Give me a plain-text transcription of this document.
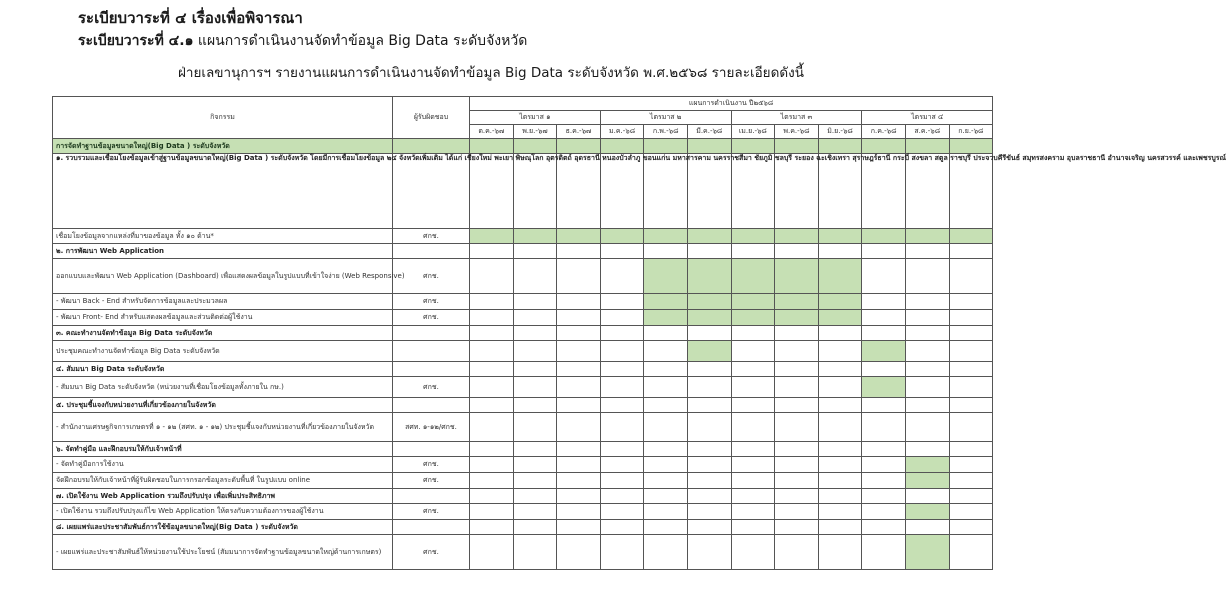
ระเบียบวาระที่ ๔ เรื่องเพื่อพิจารณา
ระเบียบวาระที่ ๔.๑ แผนการดำเนินงานจัดทำข้อมูล Big Data ระดับจังหวัด
ฝ่ายเลขานุการฯ รายงานแผนการดำเนินงานจัดทำข้อมูล Big Data ระดับจังหวัด พ.ศ.๒๕๖๘ รายละเอียดดังนี้
กิจกรรม	ผู้รับผิดชอบ	แผนการดำเนินงาน ปี๒๕๖๘											
		ไตรมาส ๑			ไตรมาส ๒			ไตรมาส ๓			ไตรมาส ๔		
		ต.ค.-๖๗	พ.ย.-๖๗	ธ.ค.-๖๗	ม.ค.-๖๘	ก.พ.-๖๘	มี.ค.-๖๘	เม.ย.-๖๘	พ.ค.-๖๘	มิ.ย.-๖๘	ก.ค.-๖๘	ส.ค.-๖๘	ก.ย.-๖๘
การจัดทำฐานข้อมูลขนาดใหญ่(Big Data ) ระดับจังหวัด													
๑. รวบรวมและเชื่อมโยงข้อมูลเข้าสู่ฐานข้อมูลขนาดใหญ่(Big Data ) ระดับจังหวัด โดยมีการเชื่อมโยงข้อมูล ๒๔ จังหวัดเพิ่มเติม ได้แก่ เชียงใหม่ พะเยา พิษณุโลก อุตรดิตถ์ อุดรธานี หนองบัวลำภู ขอนแก่น มหาสารคาม นครราชสีมา ชัยภูมิ ชลบุรี ระยอง ฉะเชิงเทรา สุราษฎร์ธานี กระบี่ สงขลา สตูล ราชบุรี ประจวบคีรีขันธ์ สมุทรสงคราม อุบลราชธานี อำนาจเจริญ นครสวรรค์ และเพชรบูรณ์													
เชื่อมโยงข้อมูลจากแหล่งที่มาของข้อมูล ทั้ง ๑๐ ด้าน*	ศกช.												
๒. การพัฒนา Web Application													
ออกแบบและพัฒนา Web Application (Dashboard) เพื่อแสดงผลข้อมูลในรูปแบบที่เข้าใจง่าย (Web Responsive)	ศกช.												
- พัฒนา Back - End สำหรับจัดการข้อมูลและประมวลผล	ศกช.												
- พัฒนา Front- End สำหรับแสดงผลข้อมูลและส่วนติดต่อผู้ใช้งาน	ศกช.												
๓. คณะทำงานจัดทำข้อมูล Big Data ระดับจังหวัด													
ประชุมคณะทำงานจัดทำข้อมูล Big Data ระดับจังหวัด													
๔. สัมมนา Big Data ระดับจังหวัด													
- สัมมนา Big Data ระดับจังหวัด (หน่วยงานที่เชื่อมโยงข้อมูลทั้งภายใน กษ.)	ศกช.												
๕. ประชุมชี้แจงกับหน่วยงานที่เกี่ยวข้องภายในจังหวัด													
- สำนักงานเศรษฐกิจการเกษตรที่ ๑ - ๑๒ (สศท. ๑ - ๑๒) ประชุมชี้แจงกับหน่วยงานที่เกี่ยวข้องภายในจังหวัด	สศท. ๑-๑๒/ศกช.												
๖. จัดทำคู่มือ และฝึกอบรมให้กับเจ้าหน้าที่													
- จัดทำคู่มือการใช้งาน	ศกช.												
จัดฝึกอบรมให้กับเจ้าหน้าที่ผู้รับผิดชอบในการกรอกข้อมูลระดับพื้นที่ ในรูปแบบ online	ศกช.												
๗. เปิดใช้งาน Web Application รวมถึงปรับปรุง เพื่อเพิ่มประสิทธิภาพ													
- เปิดใช้งาน รวมถึงปรับปรุงแก้ไข Web Application ให้ตรงกับความต้องการของผู้ใช้งาน	ศกช.												
๘. เผยแพร่และประชาสัมพันธ์การใช้ข้อมูลขนาดใหญ่(Big Data ) ระดับจังหวัด													
- เผยแพร่และประชาสัมพันธ์ให้หน่วยงานใช้ประโยชน์ (สัมมนาการจัดทำฐานข้อมูลขนาดใหญ่ด้านการเกษตร)	ศกช.												
